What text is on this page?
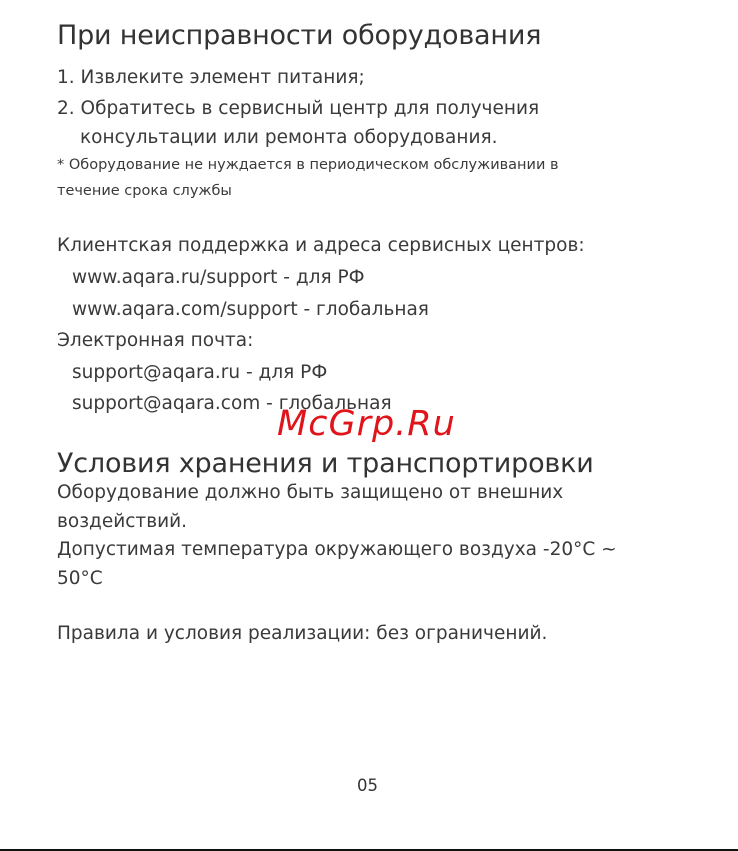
При неисправности оборудования
1. Извлеките элемент питания;
2. Обратитесь в сервисный центр для получения
консультации или ремонта оборудования.
* Оборудование не нуждается в периодическом обслуживании в
течение срока службы
Клиентская поддержка и адреса сервисных центров:
www.aqara.ru/support - для РФ
www.aqara.com/support - глобальная
Электронная почта:
support@aqara.ru - для РФ
support@aqara.com - глобальная
McGrp.Ru
Условия хранения и транспортировки
Оборудование должно быть защищено от внешних
воздействий.
Допустимая температура окружающего воздуха -20°C ~
50°C
Правила и условия реализации: без ограничений.
05
